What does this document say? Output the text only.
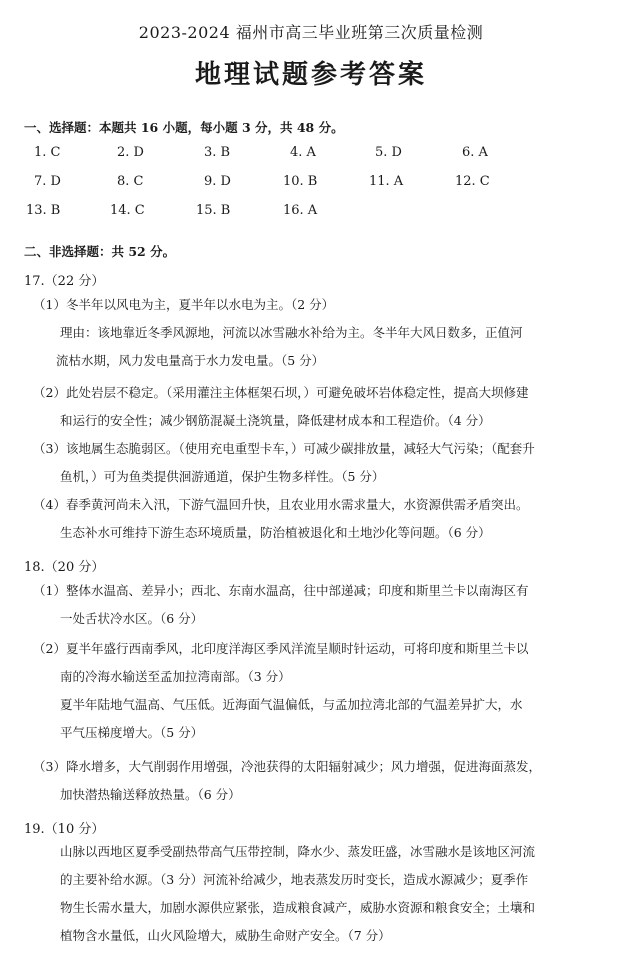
2023-2024 福州市高三毕业班第三次质量检测
地理试题参考答案
一、选择题：本题共 16 小题，每小题 3 分，共 48 分。
1. C	2. D	3. B	4. A	5. D	6. A
7. D	8. C	9. D	10. B	11. A	12. C
13. B	14. C	15. B	16. A
二、非选择题：共 52 分。
17.（22 分）
（1）冬半年以风电为主，夏半年以水电为主。（2 分）
理由：该地靠近冬季风源地，河流以冰雪融水补给为主。冬半年大风日数多，正值河
流枯水期，风力发电量高于水力发电量。（5 分）
（2）此处岩层不稳定。（采用灌注主体框架石坝，）可避免破坏岩体稳定性，提高大坝修建
和运行的安全性；减少钢筋混凝土浇筑量，降低建材成本和工程造价。（4 分）
（3）该地属生态脆弱区。（使用充电重型卡车，）可减少碳排放量，减轻大气污染；（配套升
鱼机，）可为鱼类提供洄游通道，保护生物多样性。（5 分）
（4）春季黄河尚未入汛，下游气温回升快，且农业用水需求量大，水资源供需矛盾突出。
生态补水可维持下游生态环境质量，防治植被退化和土地沙化等问题。（6 分）
18.（20 分）
（1）整体水温高、差异小；西北、东南水温高，往中部递减；印度和斯里兰卡以南海区有
一处舌状冷水区。（6 分）
（2）夏半年盛行西南季风，北印度洋海区季风洋流呈顺时针运动，可将印度和斯里兰卡以
南的冷海水输送至孟加拉湾南部。（3 分）
夏半年陆地气温高、气压低。近海面气温偏低，与孟加拉湾北部的气温差异扩大，水
平气压梯度增大。（5 分）
（3）降水增多，大气削弱作用增强，冷池获得的太阳辐射减少；风力增强，促进海面蒸发，
加快潜热输送释放热量。（6 分）
19.（10 分）
山脉以西地区夏季受副热带高气压带控制，降水少、蒸发旺盛，冰雪融水是该地区河流
的主要补给水源。（3 分）河流补给减少，地表蒸发历时变长，造成水源减少；夏季作
物生长需水量大，加剧水源供应紧张，造成粮食减产，威胁水资源和粮食安全；土壤和
植物含水量低，山火风险增大，威胁生命财产安全。（7 分）
